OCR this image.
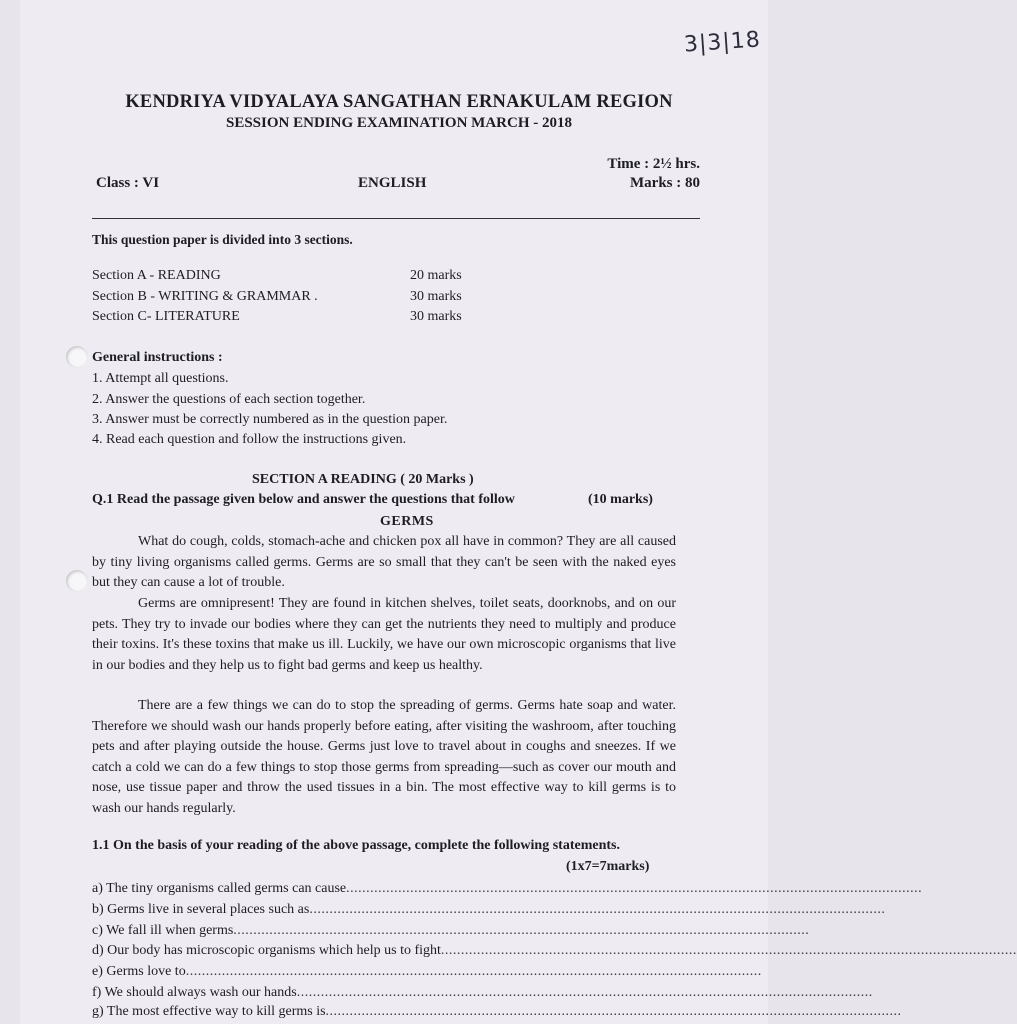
3|3|18
KENDRIYA VIDYALAYA SANGATHAN ERNAKULAM REGION
SESSION ENDING EXAMINATION MARCH - 2018
Time : 2½ hrs.
Class : VI	ENGLISH	Marks : 80
This question paper is divided into 3 sections.
Section A - READING	20 marks
Section B - WRITING & GRAMMAR .	30 marks
Section C- LITERATURE	30 marks
General instructions :
1. Attempt all questions.
2. Answer the questions of each section together.
3. Answer must be correctly numbered as in the question paper.
4. Read each question and follow the instructions given.
SECTION A READING ( 20 Marks )
Q.1 Read the passage given below and answer the questions that follow	(10 marks)
GERMS
What do cough, colds, stomach-ache and chicken pox all have in common? They are all caused by tiny living organisms called germs. Germs are so small that they can't be seen with the naked eyes but they can cause a lot of trouble.
Germs are omnipresent! They are found in kitchen shelves, toilet seats, doorknobs, and on our pets. They try to invade our bodies where they can get the nutrients they need to multiply and produce their toxins. It's these toxins that make us ill. Luckily, we have our own microscopic organisms that live in our bodies and they help us to fight bad germs and keep us healthy.
There are a few things we can do to stop the spreading of germs. Germs hate soap and water. Therefore we should wash our hands properly before eating, after visiting the washroom, after touching pets and after playing outside the house. Germs just love to travel about in coughs and sneezes. If we catch a cold we can do a few things to stop those germs from spreading—such as cover our mouth and nose, use tissue paper and throw the used tissues in a bin. The most effective way to kill germs is to wash our hands regularly.
1.1 On the basis of your reading of the above passage, complete the following statements.
(1x7=7marks)
a) The tiny organisms called germs can cause................................................................................................................................................
b) Germs live in several places such as................................................................................................................................................
c) We fall ill when germs................................................................................................................................................
d) Our body has microscopic organisms which help us to fight................................................................................................................................................
e) Germs love to................................................................................................................................................
f) We should always wash our hands................................................................................................................................................
g) The most effective way to kill germs is................................................................................................................................................
